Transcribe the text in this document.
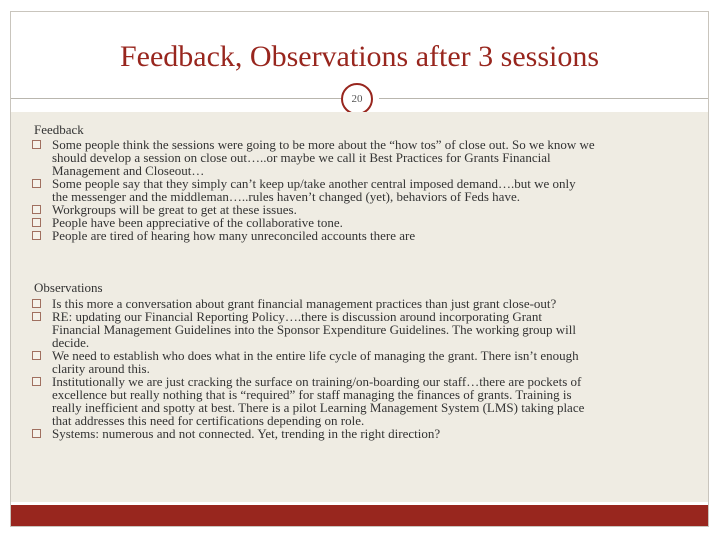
Feedback, Observations after 3 sessions
20
Feedback
Some people think the sessions were going to be more about the “how tos” of close out. So we know we
should develop a session on close out…..or maybe we call it Best Practices for Grants Financial
Management and Closeout…
Some people say that they simply can’t keep up/take another central imposed demand….but we only
the messenger and the middleman…..rules haven’t changed (yet), behaviors of Feds have.
Workgroups will be great to get at these issues.
People have been appreciative of the collaborative tone.
People are tired of hearing how many unreconciled accounts there are
Observations
Is this more a conversation about grant financial management practices than just grant close-out?
RE: updating our Financial Reporting Policy….there is discussion around incorporating Grant
Financial Management Guidelines into the Sponsor Expenditure Guidelines. The working group will
decide.
We need to establish who does what in the entire life cycle of managing the grant. There isn’t enough
clarity around this.
Institutionally we are just cracking the surface on training/on-boarding our staff…there are pockets of
excellence but really nothing that is “required” for staff managing the finances of grants. Training is
really inefficient and spotty at best. There is a pilot Learning Management System (LMS) taking place
that addresses this need for certifications depending on role.
Systems: numerous and not connected. Yet, trending in the right direction?
